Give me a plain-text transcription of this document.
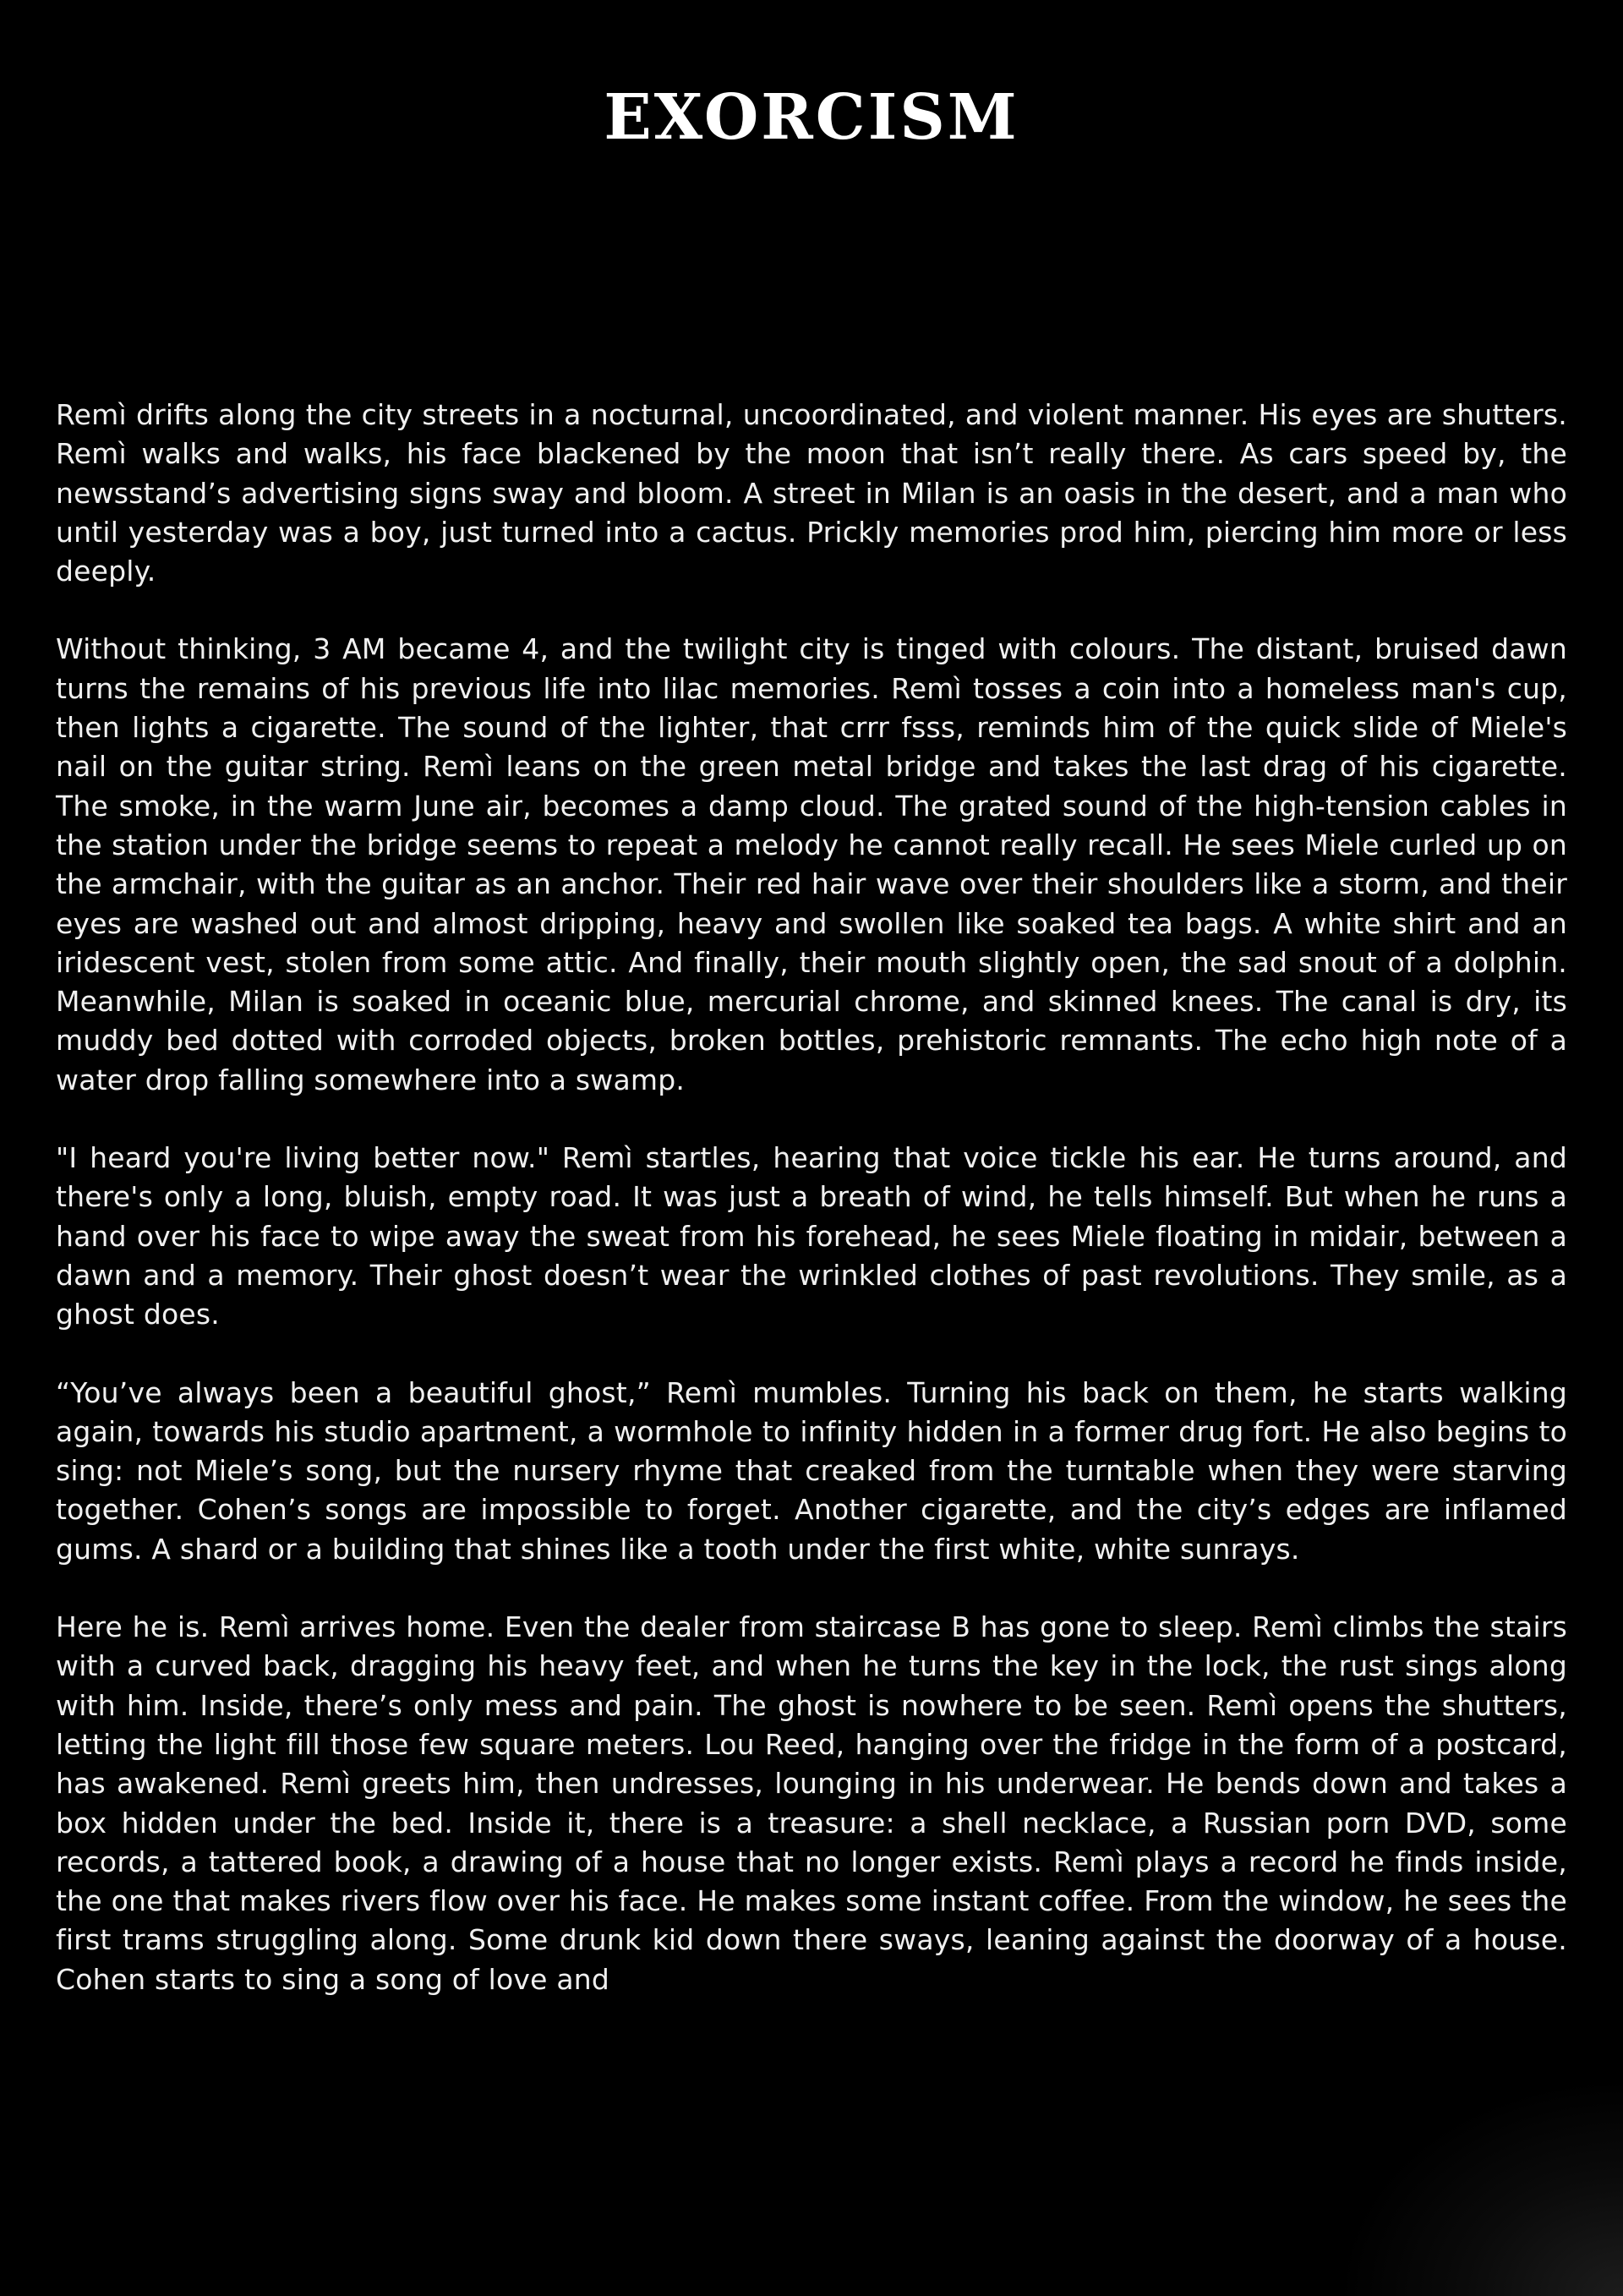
EXORCISM

Remì drifts along the city streets in a nocturnal, uncoordinated, and violent manner. His eyes are shutters. Remì walks and walks, his face blackened by the moon that isn’t really there. As cars speed by, the newsstand’s advertising signs sway and bloom. A street in Milan is an oasis in the desert, and a man who until yesterday was a boy, just turned into a cactus. Prickly memories prod him, piercing him more or less deeply.

Without thinking, 3 AM became 4, and the twilight city is tinged with colours. The distant, bruised dawn turns the remains of his previous life into lilac memories. Remì tosses a coin into a homeless man's cup, then lights a cigarette. The sound of the lighter, that crrr fsss, reminds him of the quick slide of Miele's nail on the guitar string. Remì leans on the green metal bridge and takes the last drag of his cigarette. The smoke, in the warm June air, becomes a damp cloud. The grated sound of the high-tension cables in the station under the bridge seems to repeat a melody he cannot really recall. He sees Miele curled up on the armchair, with the guitar as an anchor. Their red hair wave over their shoulders like a storm, and their eyes are washed out and almost dripping, heavy and swollen like soaked tea bags. A white shirt and an iridescent vest, stolen from some attic. And finally, their mouth slightly open, the sad snout of a dolphin. Meanwhile, Milan is soaked in oceanic blue, mercurial chrome, and skinned knees. The canal is dry, its muddy bed dotted with corroded objects, broken bottles, prehistoric remnants. The echo high note of a water drop falling somewhere into a swamp.

"I heard you're living better now." Remì startles, hearing that voice tickle his ear. He turns around, and there's only a long, bluish, empty road. It was just a breath of wind, he tells himself. But when he runs a hand over his face to wipe away the sweat from his forehead, he sees Miele floating in midair, between a dawn and a memory. Their ghost doesn’t wear the wrinkled clothes of past revolutions. They smile, as a ghost does.

“You’ve always been a beautiful ghost,” Remì mumbles. Turning his back on them, he starts walking again, towards his studio apartment, a wormhole to infinity hidden in a former drug fort. He also begins to sing: not Miele’s song, but the nursery rhyme that creaked from the turntable when they were starving together. Cohen’s songs are impossible to forget. Another cigarette, and the city’s edges are inflamed gums. A shard or a building that shines like a tooth under the first white, white sunrays.

Here he is. Remì arrives home. Even the dealer from staircase B has gone to sleep. Remì climbs the stairs with a curved back, dragging his heavy feet, and when he turns the key in the lock, the rust sings along with him. Inside, there’s only mess and pain. The ghost is nowhere to be seen. Remì opens the shutters, letting the light fill those few square meters. Lou Reed, hanging over the fridge in the form of a postcard, has awakened. Remì greets him, then undresses, lounging in his underwear. He bends down and takes a box hidden under the bed. Inside it, there is a treasure: a shell necklace, a Russian porn DVD, some records, a tattered book, a drawing of a house that no longer exists. Remì plays a record he finds inside, the one that makes rivers flow over his face. He makes some instant coffee. From the window, he sees the first trams struggling along. Some drunk kid down there sways, leaning against the doorway of a house. Cohen starts to sing a song of love and
